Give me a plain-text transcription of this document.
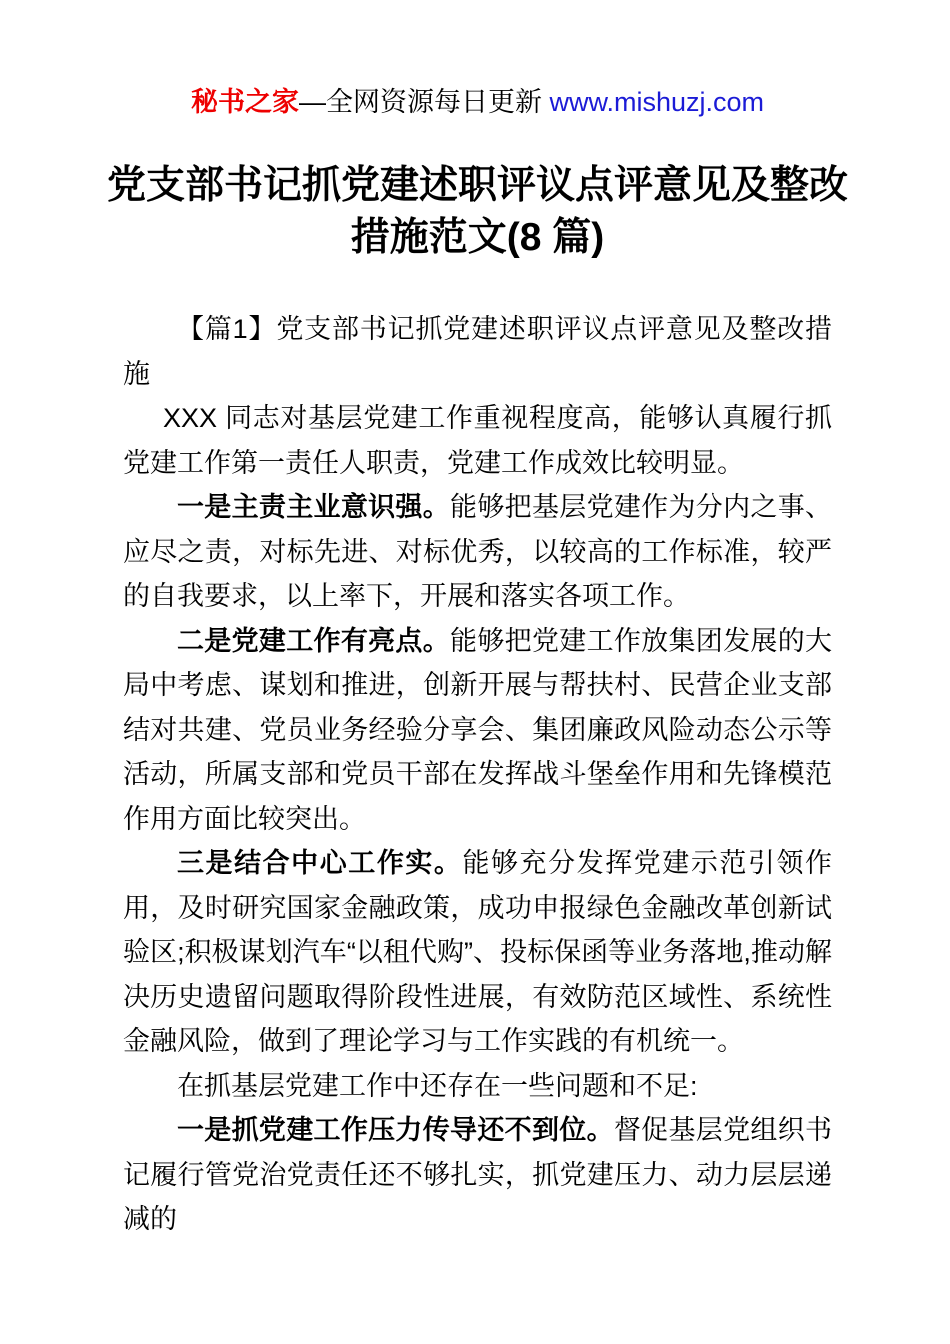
秘书之家—全网资源每日更新 www.mishuzj.com
党支部书记抓党建述职评议点评意见及整改
措施范文(8 篇)

【篇1】党支部书记抓党建述职评议点评意见及整改措施

XXX 同志对基层党建工作重视程度高，能够认真履行抓党建工作第一责任人职责，党建工作成效比较明显。

一是主责主业意识强。能够把基层党建作为分内之事、应尽之责，对标先进、对标优秀，以较高的工作标准，较严的自我要求，以上率下，开展和落实各项工作。

二是党建工作有亮点。能够把党建工作放集团发展的大局中考虑、谋划和推进，创新开展与帮扶村、民营企业支部结对共建、党员业务经验分享会、集团廉政风险动态公示等活动，所属支部和党员干部在发挥战斗堡垒作用和先锋模范作用方面比较突出。

三是结合中心工作实。能够充分发挥党建示范引领作用，及时研究国家金融政策，成功申报绿色金融改革创新试验区;积极谋划汽车“以租代购”、投标保函等业务落地,推动解决历史遗留问题取得阶段性进展，有效防范区域性、系统性金融风险，做到了理论学习与工作实践的有机统一。

在抓基层党建工作中还存在一些问题和不足:

一是抓党建工作压力传导还不到位。督促基层党组织书记履行管党治党责任还不够扎实，抓党建压力、动力层层递减的
